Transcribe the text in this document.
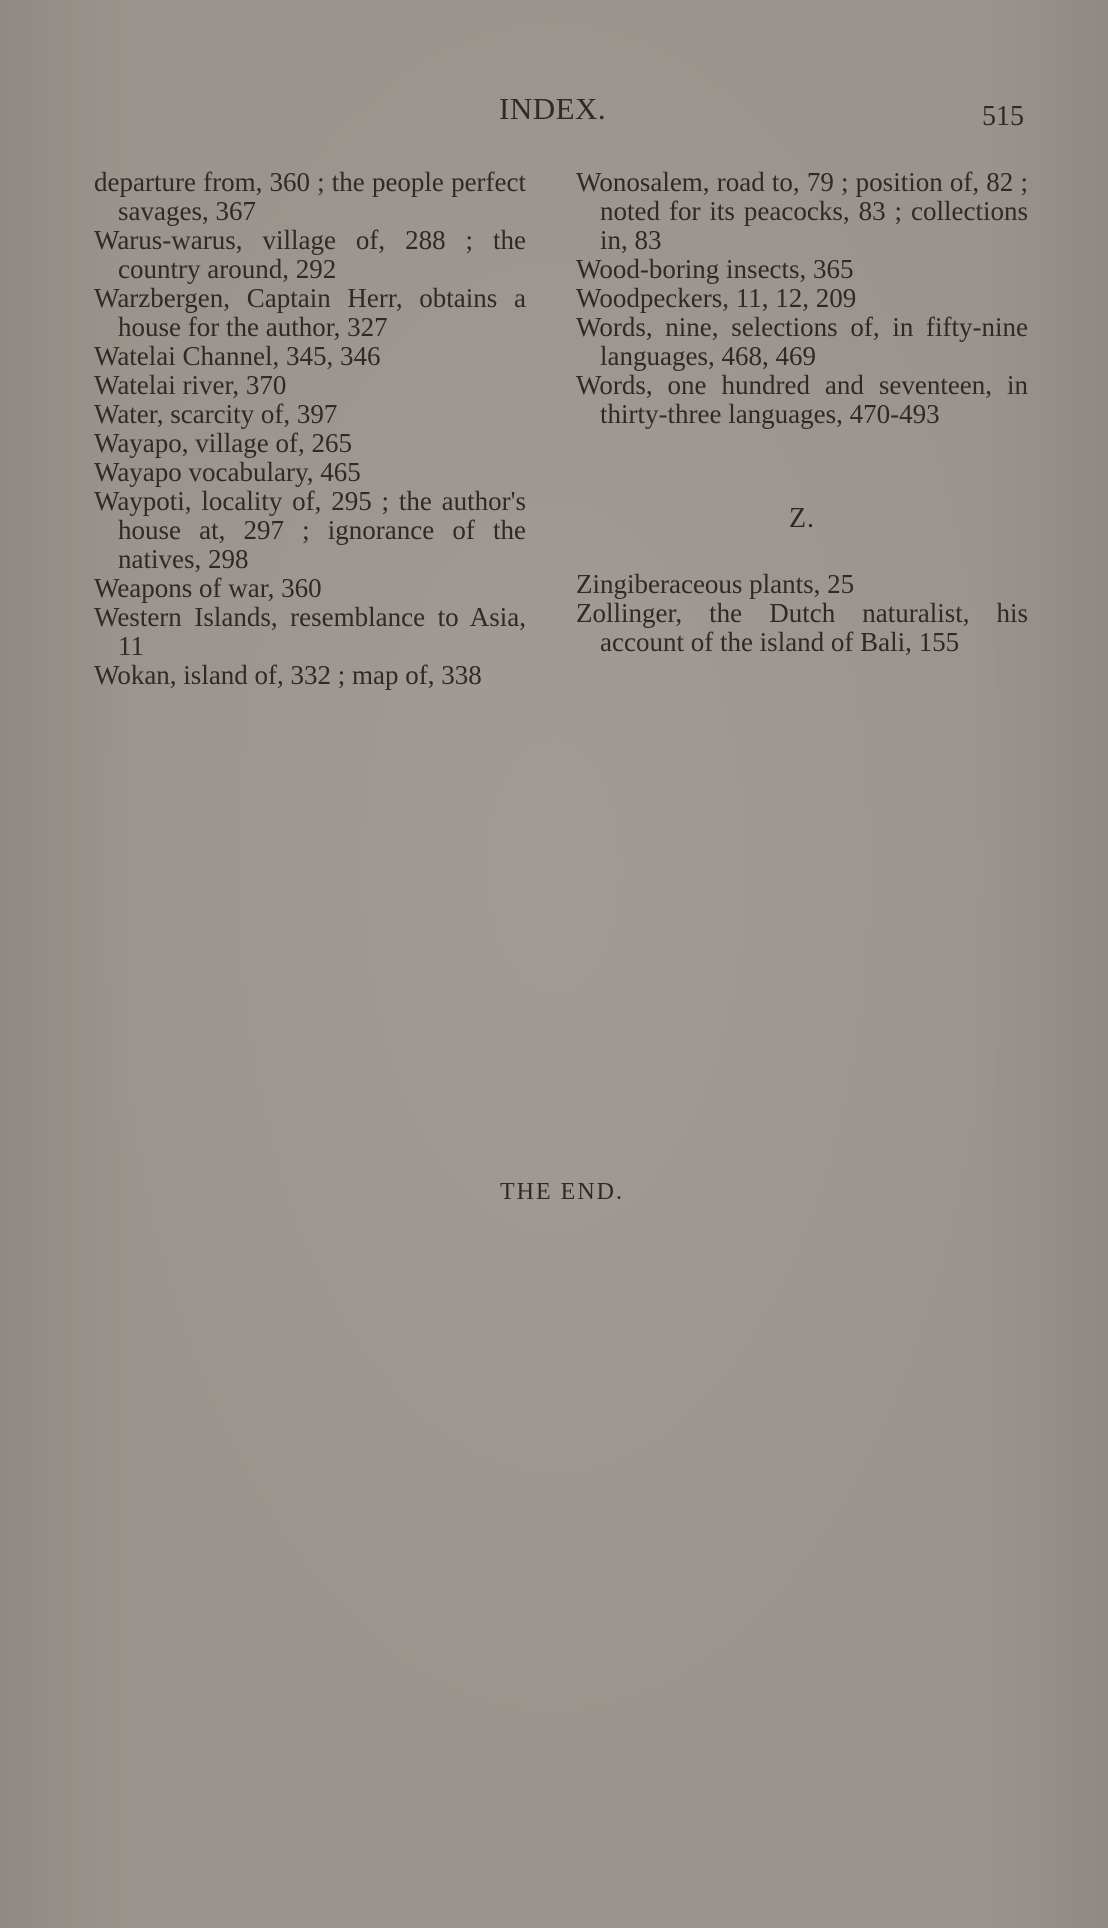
INDEX.	515

departure from, 360 ; the people perfect savages, 367

Warus-warus, village of, 288 ; the country around, 292

Warzbergen, Captain Herr, obtains a house for the author, 327

Watelai Channel, 345, 346

Watelai river, 370

Water, scarcity of, 397

Wayapo, village of, 265

Wayapo vocabulary, 465

Waypoti, locality of, 295 ; the author's house at, 297 ; ignorance of the natives, 298

Weapons of war, 360

Western Islands, resemblance to Asia, 11

Wokan, island of, 332 ; map of, 338

Wonosalem, road to, 79 ; position of, 82 ; noted for its peacocks, 83 ; collections in, 83

Wood-boring insects, 365

Woodpeckers, 11, 12, 209

Words, nine, selections of, in fifty-nine languages, 468, 469

Words, one hundred and seventeen, in thirty-three languages, 470-493

Z.

Zingiberaceous plants, 25

Zollinger, the Dutch naturalist, his account of the island of Bali, 155

THE END.
